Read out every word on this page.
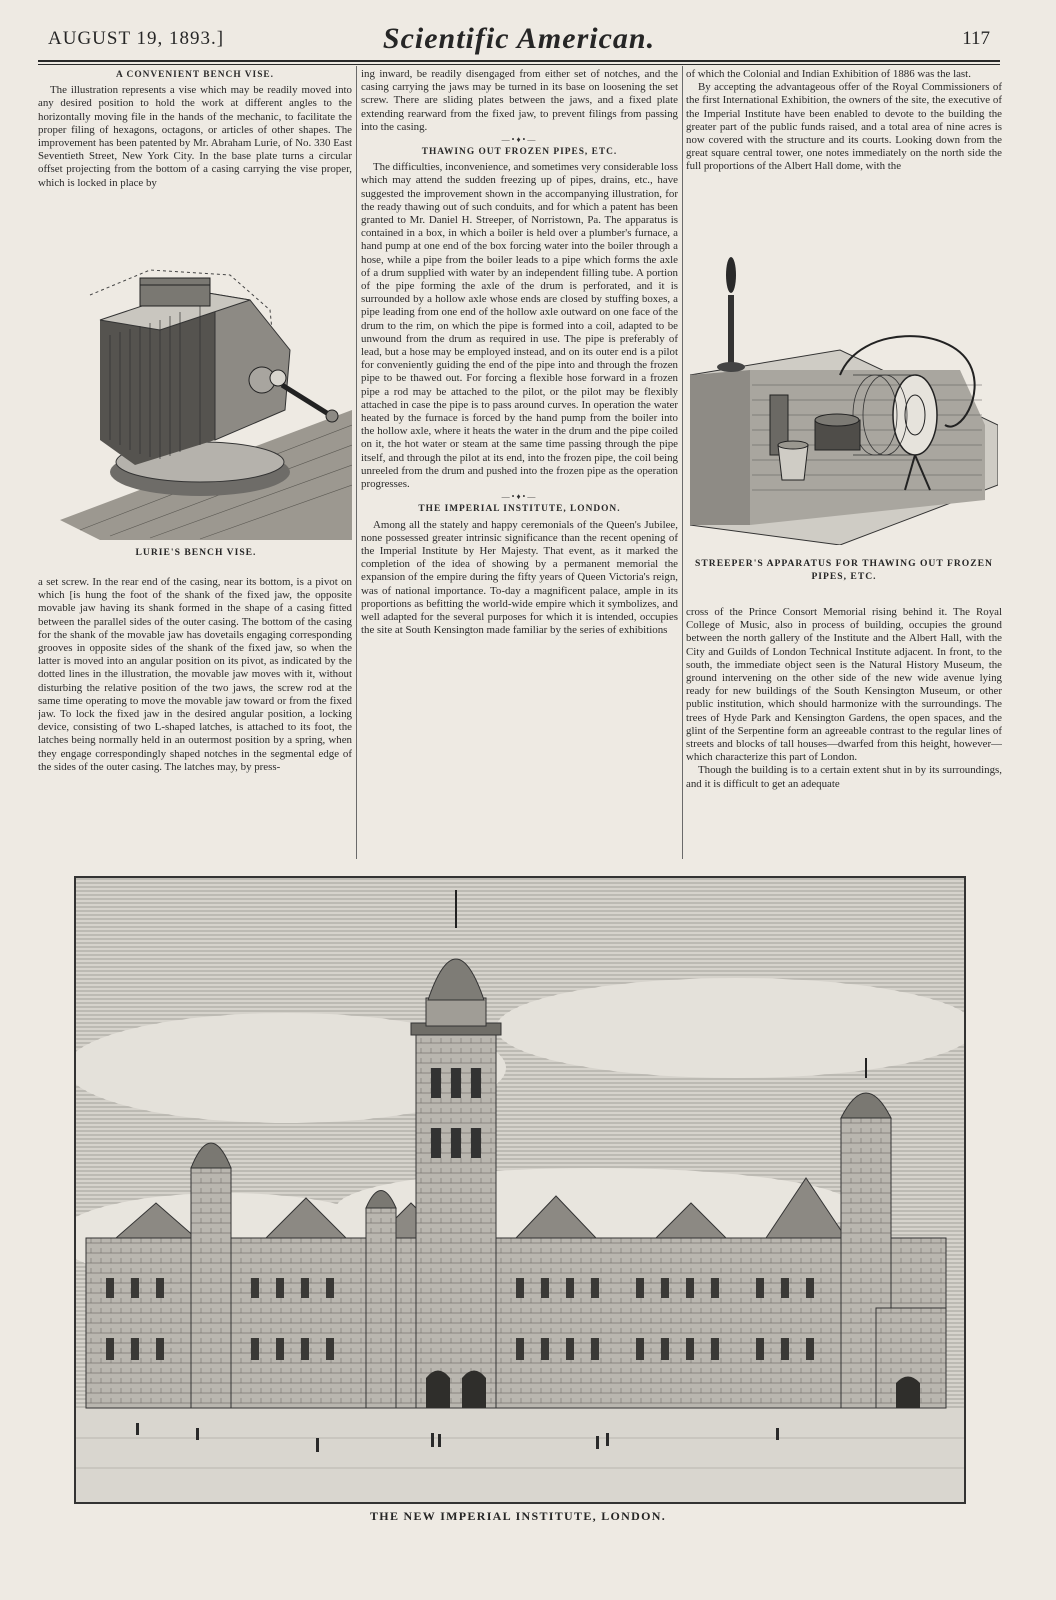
AUGUST 19, 1893.]	Scientific American.	117
A CONVENIENT BENCH VISE.

The illustration represents a vise which may be readily moved into any desired position to hold the work at different angles to the horizontally moving file in the hands of the mechanic, to facilitate the proper filing of hexagons, octagons, or articles of other shapes. The improvement has been patented by Mr. Abraham Lurie, of No. 330 East Seventieth Street, New York City. In the base plate turns a circular offset projecting from the bottom of a casing carrying the vise proper, which is locked in place by

LURIE'S BENCH VISE.

a set screw. In the rear end of the casing, near its bottom, is a pivot on which [is hung the foot of the shank of the fixed jaw, the opposite movable jaw having its shank formed in the shape of a casing fitted between the parallel sides of the outer casing. The bottom of the casing for the shank of the movable jaw has dovetails engaging corresponding grooves in opposite sides of the shank of the fixed jaw, so when the latter is moved into an angular position on its pivot, as indicated by the dotted lines in the illustration, the movable jaw moves with it, without disturbing the relative position of the two jaws, the screw rod at the same time operating to move the movable jaw toward or from the fixed jaw. To lock the fixed jaw in the desired angular position, a locking device, consisting of two L-shaped latches, is attached to its foot, the latches being normally held in an outermost position by a spring, when they engage correspondingly shaped notches in the segmental edge of the sides of the outer casing. The latches may, by press-

ing inward, be readily disengaged from either set of notches, and the casing carrying the jaws may be turned in its base on loosening the set screw. There are sliding plates between the jaws, and a fixed plate extending rearward from the fixed jaw, to prevent filings from passing into the casing.

—•♦•—
THAWING OUT FROZEN PIPES, ETC.

The difficulties, inconvenience, and sometimes very considerable loss which may attend the sudden freezing up of pipes, drains, etc., have suggested the improvement shown in the accompanying illustration, for the ready thawing out of such conduits, and for which a patent has been granted to Mr. Daniel H. Streeper, of Norristown, Pa. The apparatus is contained in a box, in which a boiler is held over a plumber's furnace, a hand pump at one end of the box forcing water into the boiler through a hose, while a pipe from the boiler leads to a pipe which forms the axle of a drum supplied with water by an independent filling tube. A portion of the pipe forming the axle of the drum is perforated, and it is surrounded by a hollow axle whose ends are closed by stuffing boxes, a pipe leading from one end of the hollow axle outward on one face of the drum to the rim, on which the pipe is formed into a coil, adapted to be unwound from the drum as required in use. The pipe is preferably of lead, but a hose may be employed instead, and on its outer end is a pilot for conveniently guiding the end of the pipe into and through the frozen pipe to be thawed out. For forcing a flexible hose forward in a frozen pipe a rod may be attached to the pilot, or the pilot may be flexibly attached in case the pipe is to pass around curves. In operation the water heated by the furnace is forced by the hand pump from the boiler into the hollow axle, where it heats the water in the drum and the pipe coiled on it, the hot water or steam at the same time passing through the pipe itself, and through the pilot at its end, into the frozen pipe, the coil being unreeled from the drum and pushed into the frozen pipe as the operation progresses.

—•♦•—
THE IMPERIAL INSTITUTE, LONDON.

Among all the stately and happy ceremonials of the Queen's Jubilee, none possessed greater intrinsic significance than the recent opening of the Imperial Institute by Her Majesty. That event, as it marked the completion of the idea of showing by a permanent memorial the expansion of the empire during the fifty years of Queen Victoria's reign, was of national importance. To-day a magnificent palace, ample in its proportions as befitting the world-wide empire which it symbolizes, and well adapted for the several purposes for which it is intended, occupies the site at South Kensington made familiar by the series of exhibitions

of which the Colonial and Indian Exhibition of 1886 was the last.

By accepting the advantageous offer of the Royal Commissioners of the first International Exhibition, the owners of the site, the executive of the Imperial Institute have been enabled to devote to the building the greater part of the public funds raised, and a total area of nine acres is now covered with the structure and its courts. Looking down from the great square central tower, one notes immediately on the north side the full proportions of the Albert Hall dome, with the

STREEPER'S APPARATUS FOR THAWING OUT FROZEN PIPES, ETC.

cross of the Prince Consort Memorial rising behind it. The Royal College of Music, also in process of building, occupies the ground between the north gallery of the Institute and the Albert Hall, with the City and Guilds of London Technical Institute adjacent. In front, to the south, the immediate object seen is the Natural History Museum, the ground intervening on the other side of the new wide avenue lying ready for new buildings of the South Kensington Museum, or other public institution, which should harmonize with the surroundings. The trees of Hyde Park and Kensington Gardens, the open spaces, and the glint of the Serpentine form an agreeable contrast to the regular lines of streets and blocks of tall houses—dwarfed from this height, however—which characterize this part of London.

Though the building is to a certain extent shut in by its surroundings, and it is difficult to get an adequate

THE NEW IMPERIAL INSTITUTE, LONDON.
